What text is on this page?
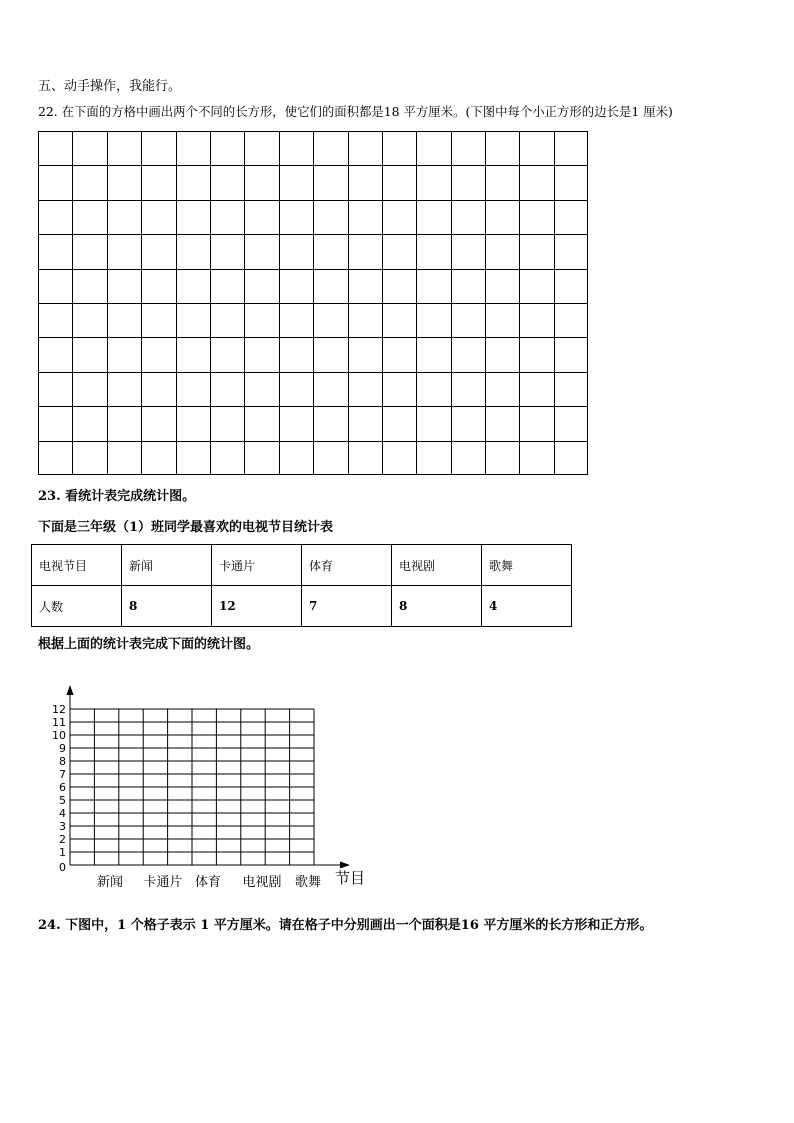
五、动手操作，我能行。
22. 在下面的方格中画出两个不同的长方形，使它们的面积都是18 平方厘米。(下图中每个小正方形的边长是1 厘米)
23. 看统计表完成统计图。
下面是三年级（1）班同学最喜欢的电视节目统计表
电视节目	新闻	卡通片	体育	电视剧	歌舞
人数	8	12	7	8	4
根据上面的统计表完成下面的统计图。
0
1
2
3
4
5
6
7
8
9
10
11
12
新闻 卡通片 体育 电视剧 歌舞 节目
24. 下图中，1 个格子表示 1 平方厘米。请在格子中分别画出一个面积是16 平方厘米的长方形和正方形。
